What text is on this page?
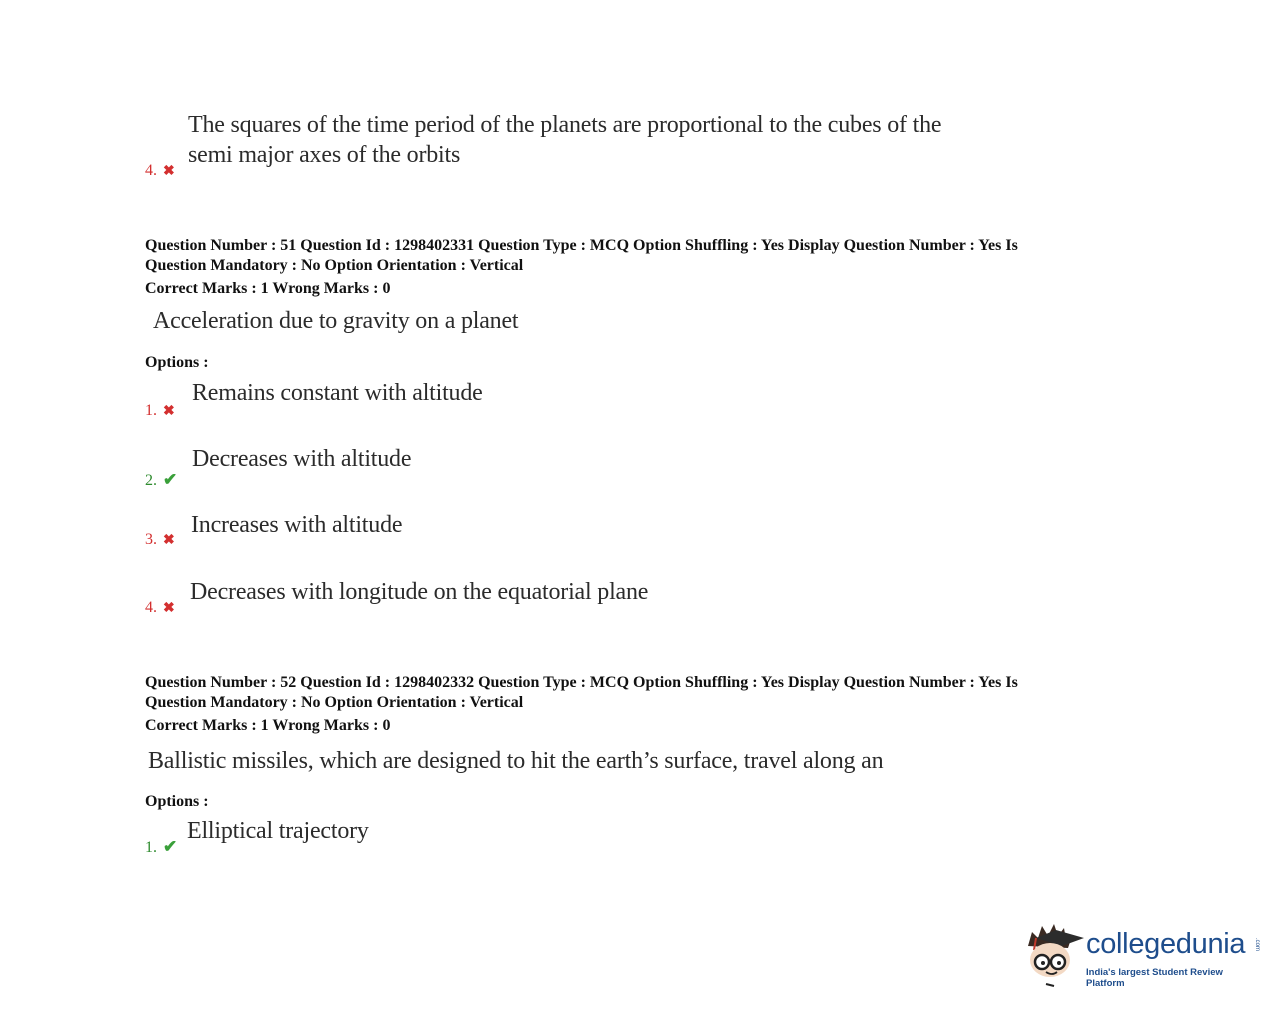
The squares of the time period of the planets are proportional to the cubes of the
semi major axes of the orbits
4. ✖
Question Number : 51 Question Id : 1298402331 Question Type : MCQ Option Shuffling : Yes Display Question Number : Yes Is
Question Mandatory : No Option Orientation : Vertical
Correct Marks : 1 Wrong Marks : 0
Acceleration due to gravity on a planet
Options :
Remains constant with altitude
1. ✖
Decreases with altitude
2. ✔
Increases with altitude
3. ✖
Decreases with longitude on the equatorial plane
4. ✖
Question Number : 52 Question Id : 1298402332 Question Type : MCQ Option Shuffling : Yes Display Question Number : Yes Is
Question Mandatory : No Option Orientation : Vertical
Correct Marks : 1 Wrong Marks : 0
Ballistic missiles, which are designed to hit the earth’s surface, travel along an
Options :
Elliptical trajectory
1. ✔
collegedunia .com
India's largest Student Review Platform
